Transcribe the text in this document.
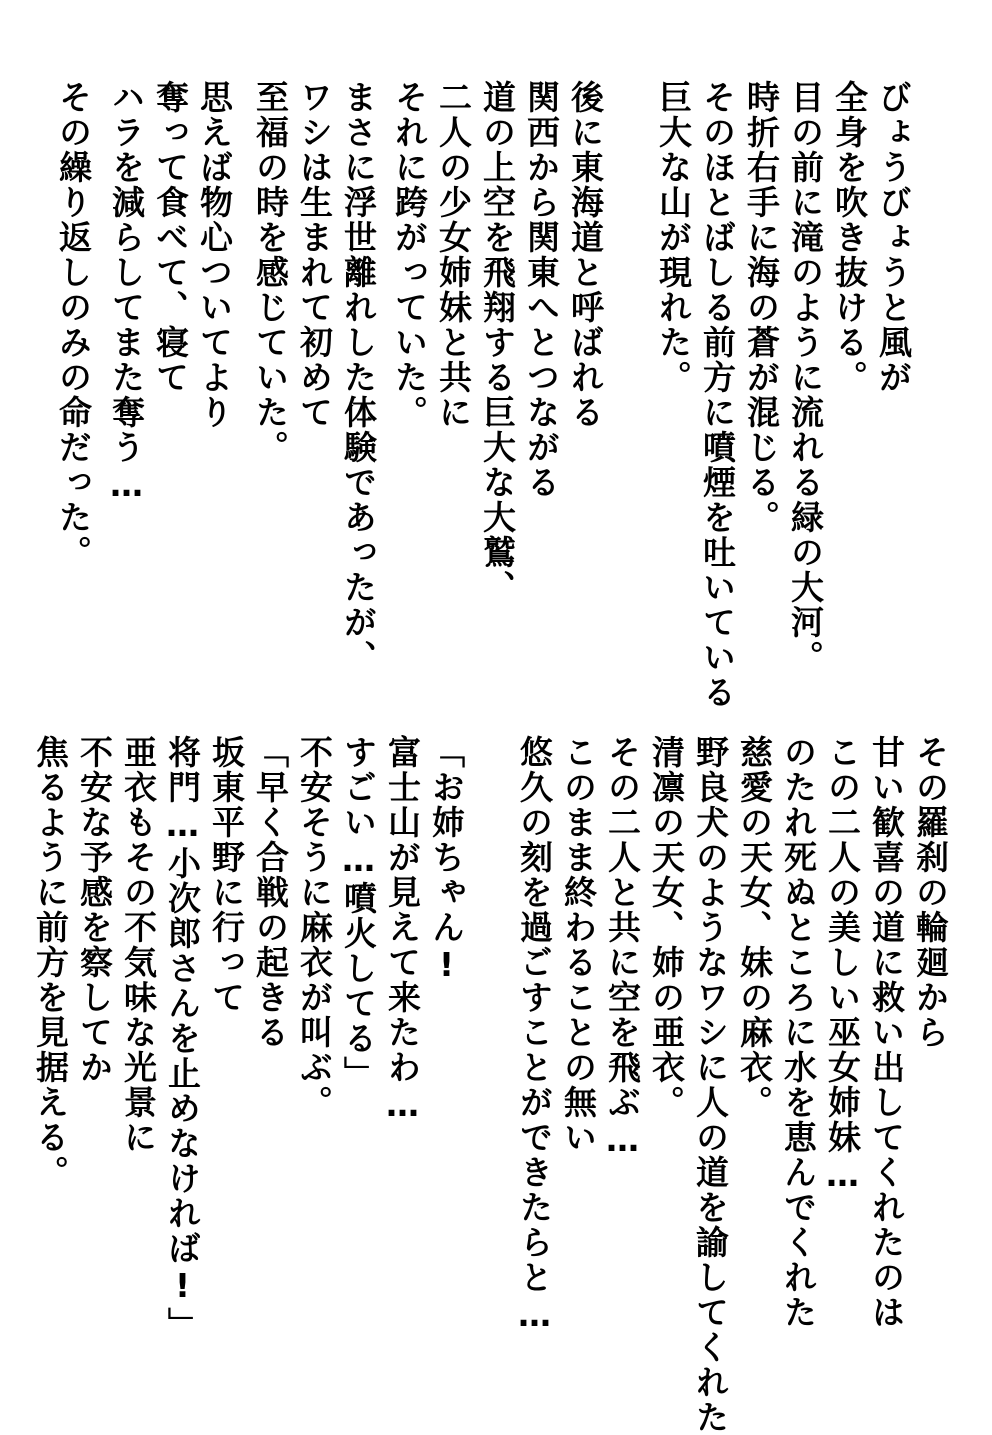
びょうびょうと風が
全身を吹き抜ける。
目の前に滝のように流れる緑の大河。
時折右手に海の蒼が混じる。
そのほとばしる前方に噴煙を吐いている
巨大な山が現れた。
後に東海道と呼ばれる
関西から関東へとつながる
道の上空を飛翔する巨大な大鷲、
二人の少女姉妹と共に
それに跨がっていた。
まさに浮世離れした体験であったが、
ワシは生まれて初めて
至福の時を感じていた。
思えば物心ついてより
奪って食べて、寝て
ハラを減らしてまた奪う…
その繰り返しのみの命だった。
その羅刹の輪廻から
甘い歓喜の道に救い出してくれたのは
この二人の美しい巫女姉妹…
のたれ死ぬところに水を恵んでくれた
慈愛の天女、妹の麻衣。
野良犬のようなワシに人の道を諭してくれた
清凛の天女、姉の亜衣。
その二人と共に空を飛ぶ…
このまま終わることの無い
悠久の刻を過ごすことができたらと…
「お姉ちゃん!
富士山が見えて来たわ…
すごい…噴火してる」
不安そうに麻衣が叫ぶ。
「早く合戦の起きる
坂東平野に行って
将門…小次郎さんを止めなければ!」
亜衣もその不気味な光景に
不安な予感を察してか
焦るように前方を見据える。
